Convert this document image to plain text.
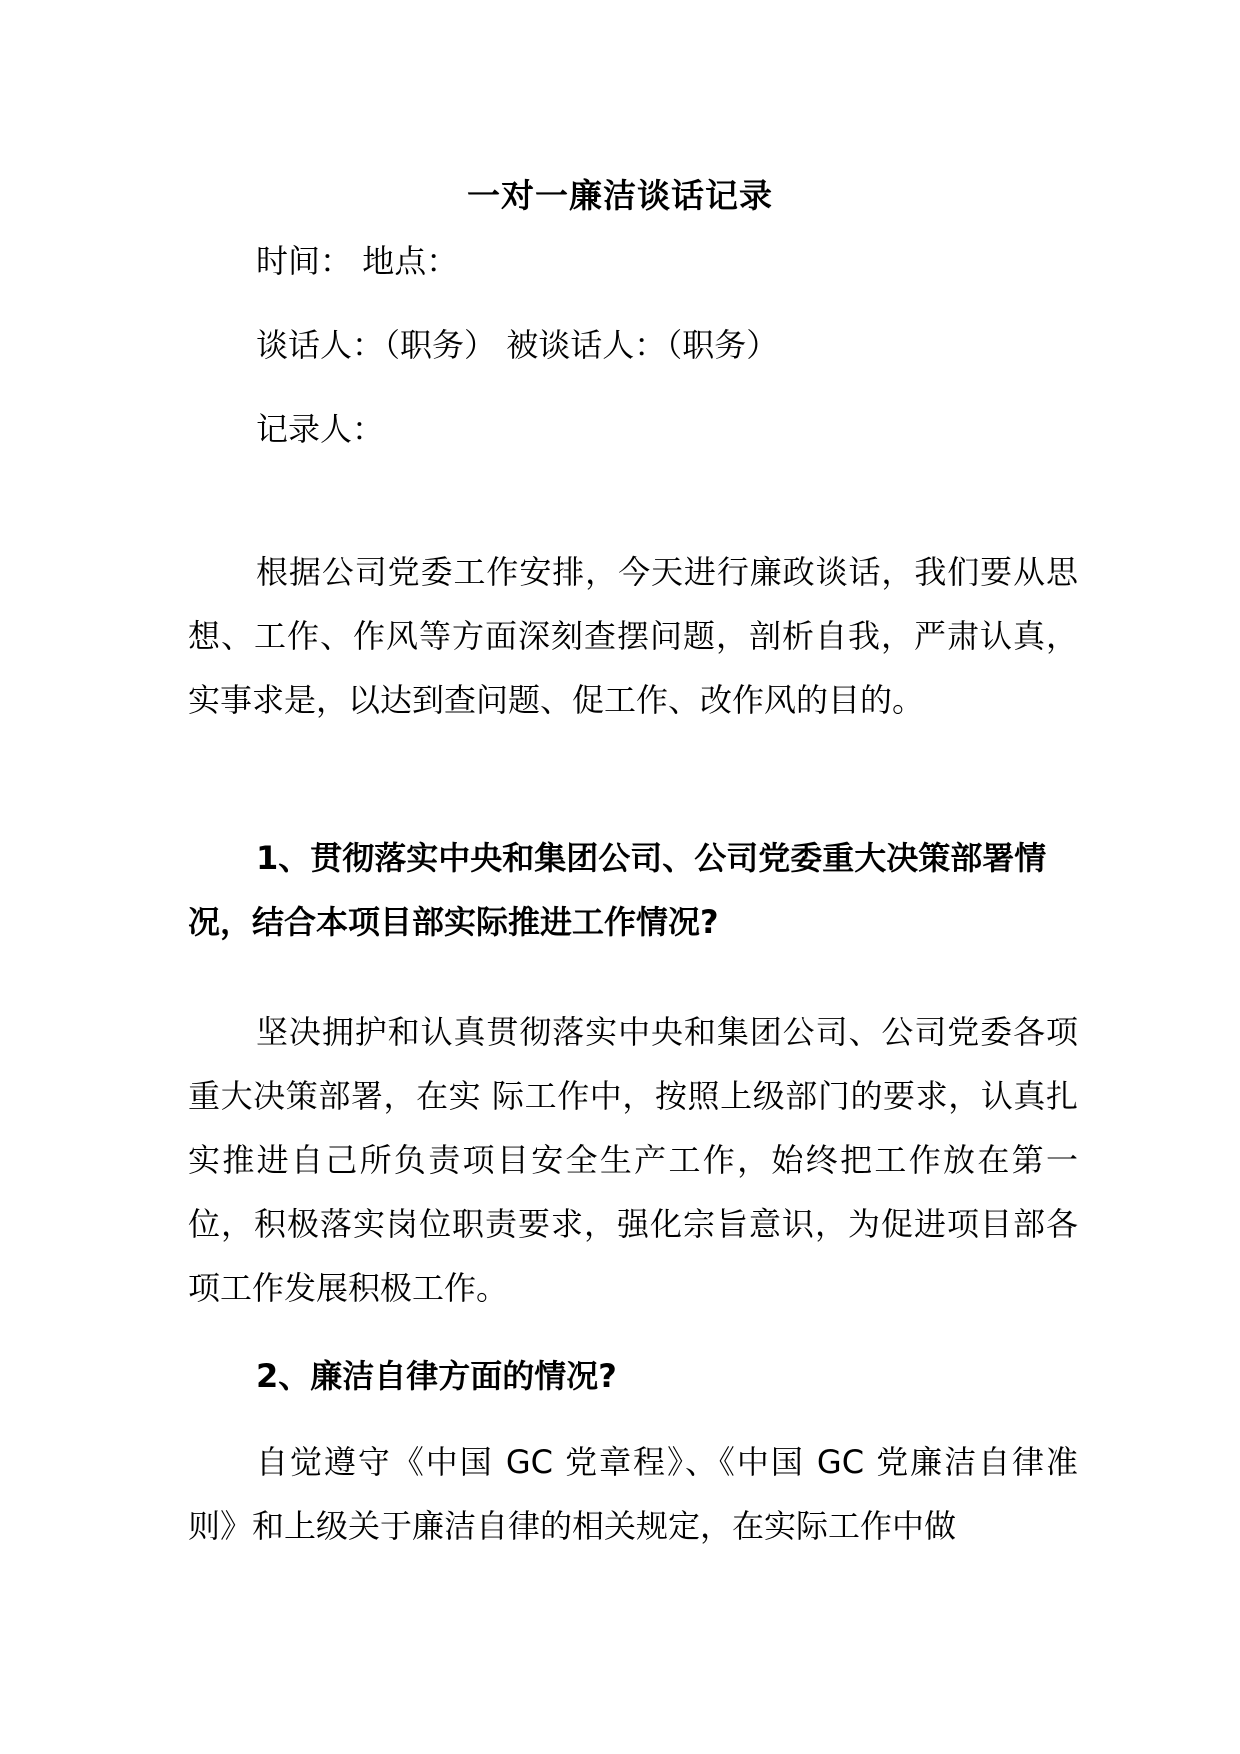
一对一廉洁谈话记录
时间： 地点：
谈话人：（职务） 被谈话人：（职务）
记录人：
根据公司党委工作安排，今天进行廉政谈话，我们要从思想、工作、作风等方面深刻查摆问题，剖析自我，严肃认真，实事求是，以达到查问题、促工作、改作风的目的。
1、贯彻落实中央和集团公司、公司党委重大决策部署情况，结合本项目部实际推进工作情况?
坚决拥护和认真贯彻落实中央和集团公司、公司党委各项重大决策部署，在实 际工作中，按照上级部门的要求，认真扎实推进自己所负责项目安全生产工作，始终把工作放在第一位，积极落实岗位职责要求，强化宗旨意识，为促进项目部各项工作发展积极工作。
2、廉洁自律方面的情况?
自觉遵守《中国 GC 党章程》、《中国 GC 党廉洁自律准则》和上级关于廉洁自律的相关规定，在实际工作中做
